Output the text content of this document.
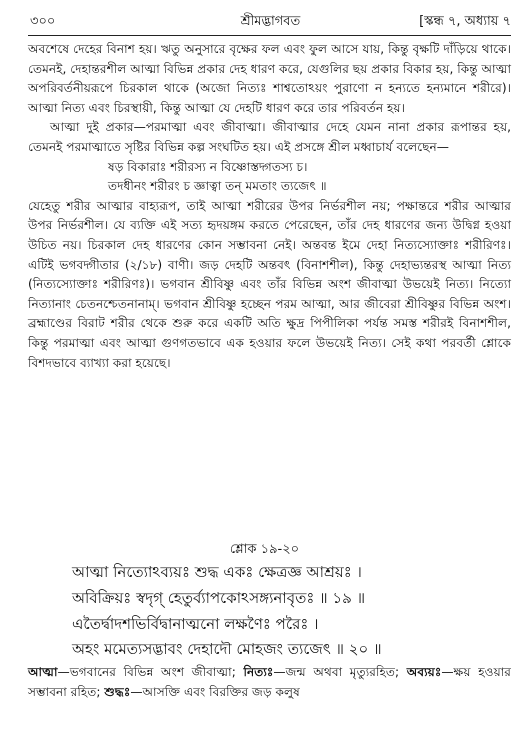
৩০০	শ্রীমদ্ভাগবত	[স্কন্ধ ৭, অধ্যায় ৭

অবশেষে দেহের বিনাশ হয়। ঋতু অনুসারে বৃক্ষের ফল এবং ফুল আসে যায়, কিন্তু বৃক্ষটি দাঁড়িয়ে থাকে। তেমনই, দেহান্তরশীল আত্মা বিভিন্ন প্রকার দেহ ধারণ করে, যেগুলির ছয় প্রকার বিকার হয়, কিন্তু আত্মা অপরিবর্তনীয়রূপে চিরকাল থাকে (অজো নিত্যঃ শাশ্বতোঽয়ং পুরাণো ন হন্যতে হন্যমানে শরীরে)। আত্মা নিত্য এবং চিরস্থায়ী, কিন্তু আত্মা যে দেহটি ধারণ করে তার পরিবর্তন হয়।

আত্মা দুই প্রকার—পরমাত্মা এবং জীবাত্মা। জীবাত্মার দেহে যেমন নানা প্রকার রূপান্তর হয়, তেমনই পরমাত্মাতে সৃষ্টির বিভিন্ন কল্প সংঘটিত হয়। এই প্রসঙ্গে শ্রীল মধ্বাচার্য বলেছেন—

ষড় বিকারাঃ শরীরস্য ন বিষ্ণোস্তদ্গতস্য চ।
তদধীনং শরীরং চ জ্ঞাত্বা তন্ মমতাং ত্যজেৎ ॥

যেহেতু শরীর আত্মার বাহ্যরূপ, তাই আত্মা শরীরের উপর নির্ভরশীল নয়; পক্ষান্তরে শরীর আত্মার উপর নির্ভরশীল। যে ব্যক্তি এই সত্য হৃদয়ঙ্গম করতে পেরেছেন, তাঁর দেহ ধারণের জন্য উদ্বিগ্ন হওয়া উচিত নয়। চিরকাল দেহ ধারণের কোন সম্ভাবনা নেই। অন্তবন্ত ইমে দেহা নিত্যস্যোক্তাঃ শরীরিণঃ। এটিই ভগবদ্গীতার (২/১৮) বাণী। জড় দেহটি অন্তবৎ (বিনাশশীল), কিন্তু দেহাভ্যন্তরস্থ আত্মা নিত্য (নিত্যস্যোক্তাঃ শরীরিণঃ)। ভগবান শ্রীবিষ্ণু এবং তাঁর বিভিন্ন অংশ জীবাত্মা উভয়েই নিত্য। নিত্যো নিত্যানাং চেতনশ্চেতনানাম্। ভগবান শ্রীবিষ্ণু হচ্ছেন পরম আত্মা, আর জীবেরা শ্রীবিষ্ণুর বিভিন্ন অংশ। ব্রহ্মাণ্ডের বিরাট শরীর থেকে শুরু করে একটি অতি ক্ষুদ্র পিপীলিকা পর্যন্ত সমস্ত শরীরই বিনাশশীল, কিন্তু পরমাত্মা এবং আত্মা গুণগতভাবে এক হওয়ার ফলে উভয়েই নিত্য। সেই কথা পরবর্তী শ্লোকে বিশদভাবে ব্যাখ্যা করা হয়েছে।

শ্লোক ১৯-২০
আত্মা নিত্যোঽব্যয়ঃ শুদ্ধ একঃ ক্ষেত্রজ্ঞ আশ্রয়ঃ ।
অবিক্রিয়ঃ স্বদৃগ্ হেতুর্ব্যাপকোঽসঙ্গ্যনাবৃতঃ ॥ ১৯ ॥
এতৈর্দ্বাদশভির্বিদ্বানাত্মনো লক্ষণৈঃ পরৈঃ ।
অহং মমেত্যসদ্ভাবং দেহাদৌ মোহজং ত্যজেৎ ॥ ২০ ॥
আত্মা—ভগবানের বিভিন্ন অংশ জীবাত্মা; নিত্যঃ—জন্ম অথবা মৃত্যুরহিত; অব্যয়ঃ—ক্ষয় হওয়ার সম্ভাবনা রহিত; শুদ্ধঃ—আসক্তি এবং বিরক্তির জড় কলুষ
